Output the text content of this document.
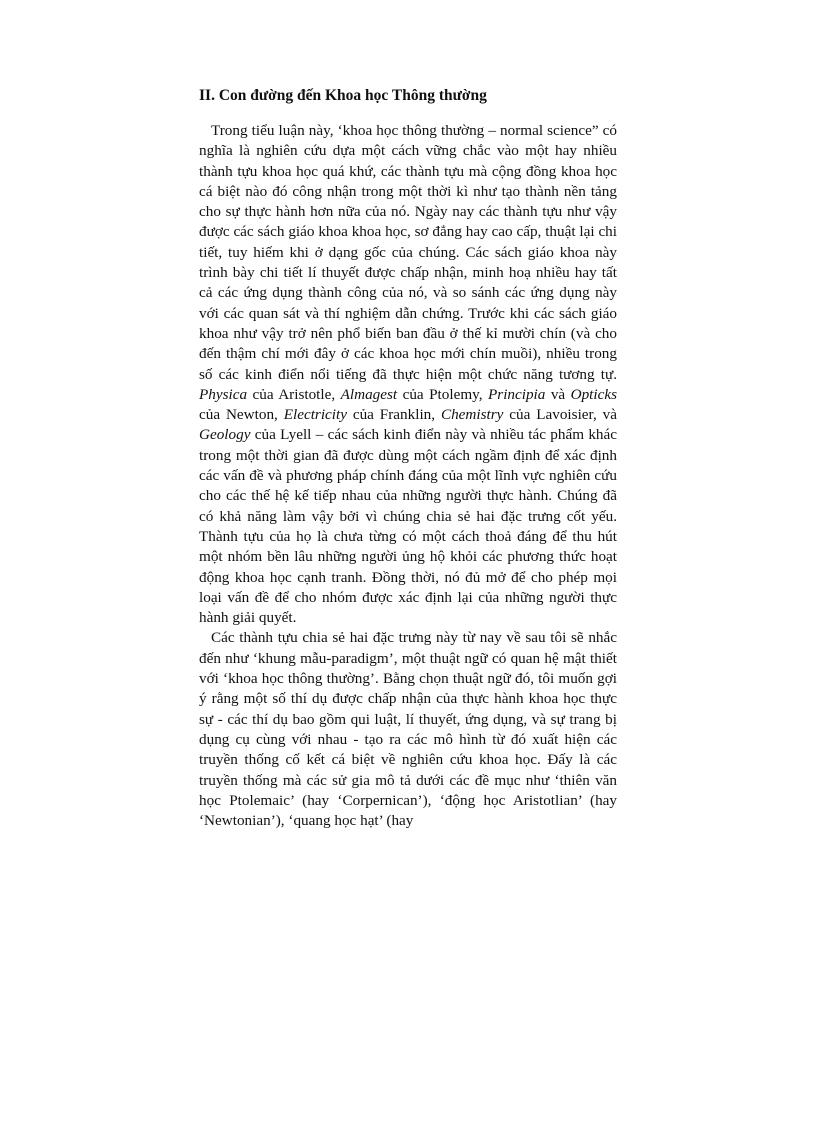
II. Con đường đến Khoa học Thông thường

Trong tiểu luận này, ‘khoa học thông thường – normal science” có nghĩa là nghiên cứu dựa một cách vững chắc vào một hay nhiều thành tựu khoa học quá khứ, các thành tựu mà cộng đồng khoa học cá biệt nào đó công nhận trong một thời kì như tạo thành nền tảng cho sự thực hành hơn nữa của nó. Ngày nay các thành tựu như vậy được các sách giáo khoa khoa học, sơ đẳng hay cao cấp, thuật lại chi tiết, tuy hiếm khi ở dạng gốc của chúng. Các sách giáo khoa này trình bày chi tiết lí thuyết được chấp nhận, minh hoạ nhiều hay tất cả các ứng dụng thành công của nó, và so sánh các ứng dụng này với các quan sát và thí nghiệm dẫn chứng. Trước khi các sách giáo khoa như vậy trở nên phổ biến ban đầu ở thế kỉ mười chín (và cho đến thậm chí mới đây ở các khoa học mới chín muồi), nhiều trong số các kinh điển nổi tiếng đã thực hiện một chức năng tương tự. Physica của Aristotle, Almagest của Ptolemy, Principia và Opticks của Newton, Electricity của Franklin, Chemistry của Lavoisier, và Geology của Lyell – các sách kinh điển này và nhiều tác phẩm khác trong một thời gian đã được dùng một cách ngầm định để xác định các vấn đề và phương pháp chính đáng của một lĩnh vực nghiên cứu cho các thế hệ kế tiếp nhau của những người thực hành. Chúng đã có khả năng làm vậy bởi vì chúng chia sẻ hai đặc trưng cốt yếu. Thành tựu của họ là chưa từng có một cách thoả đáng để thu hút một nhóm bền lâu những người ủng hộ khỏi các phương thức hoạt động khoa học cạnh tranh. Đồng thời, nó đủ mở để cho phép mọi loại vấn đề để cho nhóm được xác định lại của những người thực hành giải quyết.

Các thành tựu chia sẻ hai đặc trưng này từ nay về sau tôi sẽ nhắc đến như ‘khung mẫu-paradigm’, một thuật ngữ có quan hệ mật thiết với ‘khoa học thông thường’. Bằng chọn thuật ngữ đó, tôi muốn gợi ý rằng một số thí dụ được chấp nhận của thực hành khoa học thực sự - các thí dụ bao gồm qui luật, lí thuyết, ứng dụng, và sự trang bị dụng cụ cùng với nhau - tạo ra các mô hình từ đó xuất hiện các truyền thống cố kết cá biệt về nghiên cứu khoa học. Đấy là các truyền thống mà các sử gia mô tả dưới các đề mục như ‘thiên văn học Ptolemaic’ (hay ‘Corpernican’), ‘động học Aristotlian’ (hay ‘Newtonian’), ‘quang học hạt’ (hay
